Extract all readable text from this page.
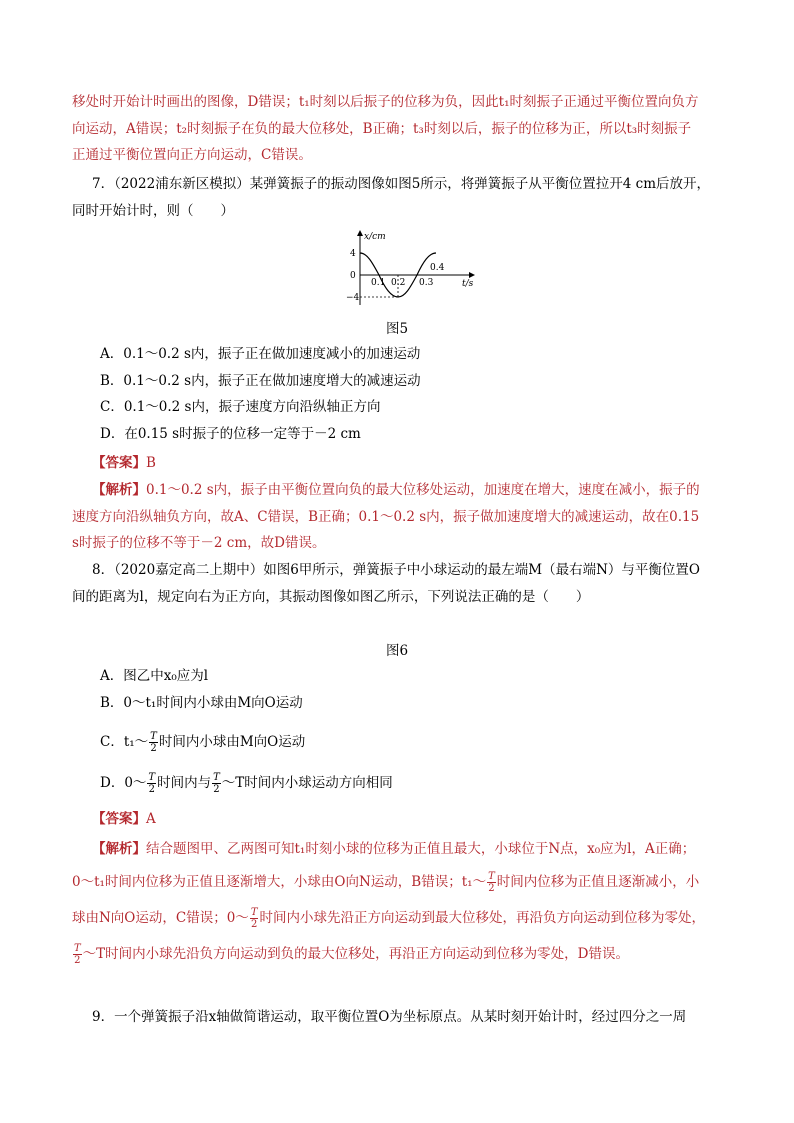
移处时开始计时画出的图像，D错误；t₁时刻以后振子的位移为负，因此t₁时刻振子正通过平衡位置向负方
向运动，A错误；t₂时刻振子在负的最大位移处，B正确；t₃时刻以后，振子的位移为正，所以t₃时刻振子
正通过平衡位置向正方向运动，C错误。
7．（2022浦东新区模拟）某弹簧振子的振动图像如图5所示，将弹簧振子从平衡位置拉开4 cm后放开，
同时开始计时，则（　　）
x/cm
4
0
−4
0.1 0.2 0.3
0.4
t/s
图5
A．0.1～0.2 s内，振子正在做加速度减小的加速运动
B．0.1～0.2 s内，振子正在做加速度增大的减速运动
C．0.1～0.2 s内，振子速度方向沿纵轴正方向
D．在0.15 s时振子的位移一定等于－2 cm
【答案】B
【解析】0.1～0.2 s内，振子由平衡位置向负的最大位移处运动，加速度在增大，速度在减小，振子的
速度方向沿纵轴负方向，故A、C错误，B正确；0.1～0.2 s内，振子做加速度增大的减速运动，故在0.15
s时振子的位移不等于－2 cm，故D错误。
8．（2020嘉定高二上期中）如图6甲所示，弹簧振子中小球运动的最左端M（最右端N）与平衡位置O
间的距离为l，规定向右为正方向，其振动图像如图乙所示，下列说法正确的是（　　）
图6
A．图乙中x₀应为l
B．0～t₁时间内小球由M向O运动
C．t₁～ $\frac{T}{2}$ 时间内小球由M向O运动
D．0～ $\frac{T}{2}$ 时间内与 $\frac{T}{2}$ ～T时间内小球运动方向相同
【答案】A
【解析】结合题图甲、乙两图可知t₁时刻小球的位移为正值且最大，小球位于N点，x₀应为l，A正确；
0～t₁时间内位移为正值且逐渐增大，小球由O向N运动，B错误；t₁～ $\frac{T}{2}$ 时间内位移为正值且逐渐减小，小
球由N向O运动，C错误；0～ $\frac{T}{2}$ 时间内小球先沿正方向运动到最大位移处，再沿负方向运动到位移为零处，
$\frac{T}{2}$ ～T时间内小球先沿负方向运动到负的最大位移处，再沿正方向运动到位移为零处，D错误。
9．一个弹簧振子沿x轴做简谐运动，取平衡位置O为坐标原点。从某时刻开始计时，经过四分之一周
